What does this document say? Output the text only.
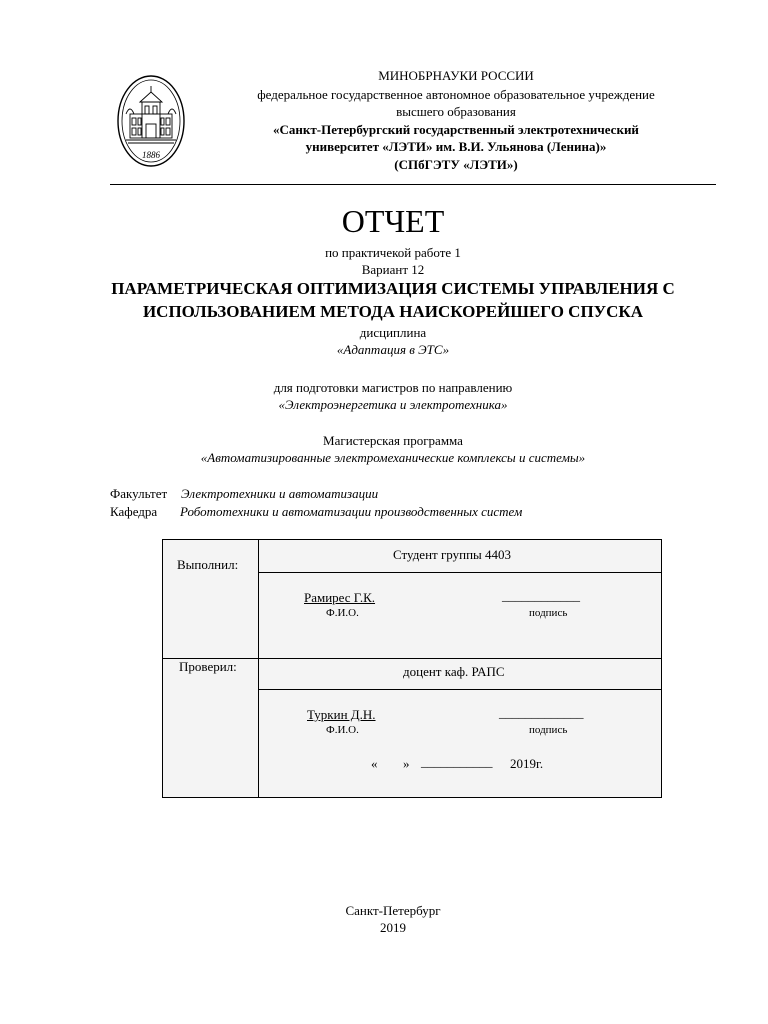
1886
МИНОБРНАУКИ РОССИИ
федеральное государственное автономное образовательное учреждение
высшего образования
«Санкт-Петербургский государственный электротехнический
университет «ЛЭТИ» им. В.И. Ульянова (Ленина)»
(СПбГЭТУ «ЛЭТИ»)
ОТЧЕТ
по практичекой работе 1
Вариант 12
ПАРАМЕТРИЧЕСКАЯ ОПТИМИЗАЦИЯ СИСТЕМЫ УПРАВЛЕНИЯ С
ИСПОЛЬЗОВАНИЕМ МЕТОДА НАИСКОРЕЙШЕГО СПУСКА
дисциплина
«Адаптация в ЭТС»
для подготовки магистров по направлению
«Электроэнергетика и электротехника»
Магистерская программа
«Автоматизированные электромеханические комплексы и системы»
Факультет Электротехники и автоматизации
Кафедра Робототехники и автоматизации производственных систем
Выполнил:
Студент группы 4403
Рамирес Г.К.	____________
Ф.И.О.	подпись
Проверил:	доцент каф. РАПС
Туркин Д.Н.	_____________
Ф.И.О.	подпись
« » ___________ 2019г.
Санкт-Петербург
2019
